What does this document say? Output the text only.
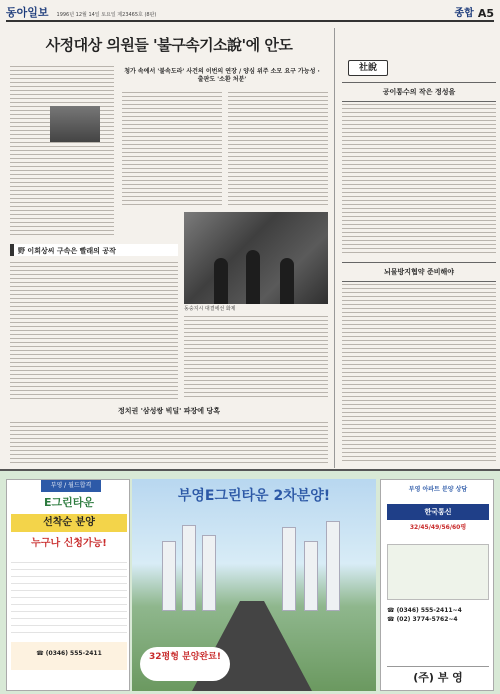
동아일보 1996년 12월 14일 토요일 제23465호 (8판)	종합 A5
사정대상 의원들 '불구속기소說'에 안도
청가 속에서 '불속도라' 사건의 이번의 연장 / 양심 위주 소모 요구 가능성 · 출판도 '소환 처분'
野 이희상씨 구속은 빨래의 공작
동숭지시 대결에선 화제
정치권 '삼성쌍 빅딜' 파장에 당혹
社說
공이통수의 작은 정성을
뇌물방지협약 준비해야
부영 / 월드합격
E그린타운
선착순 분양
누구나 신청가능!
☎ (0346) 555-2411
부영E그린타운 2차분양!
32평형 분양완료!
부영 아파트 분양 상담
한국통신
32/45/49/56/60평
☎ (0346) 555-2411~4
☎ (02) 3774-5762~4
(주) 부 영
